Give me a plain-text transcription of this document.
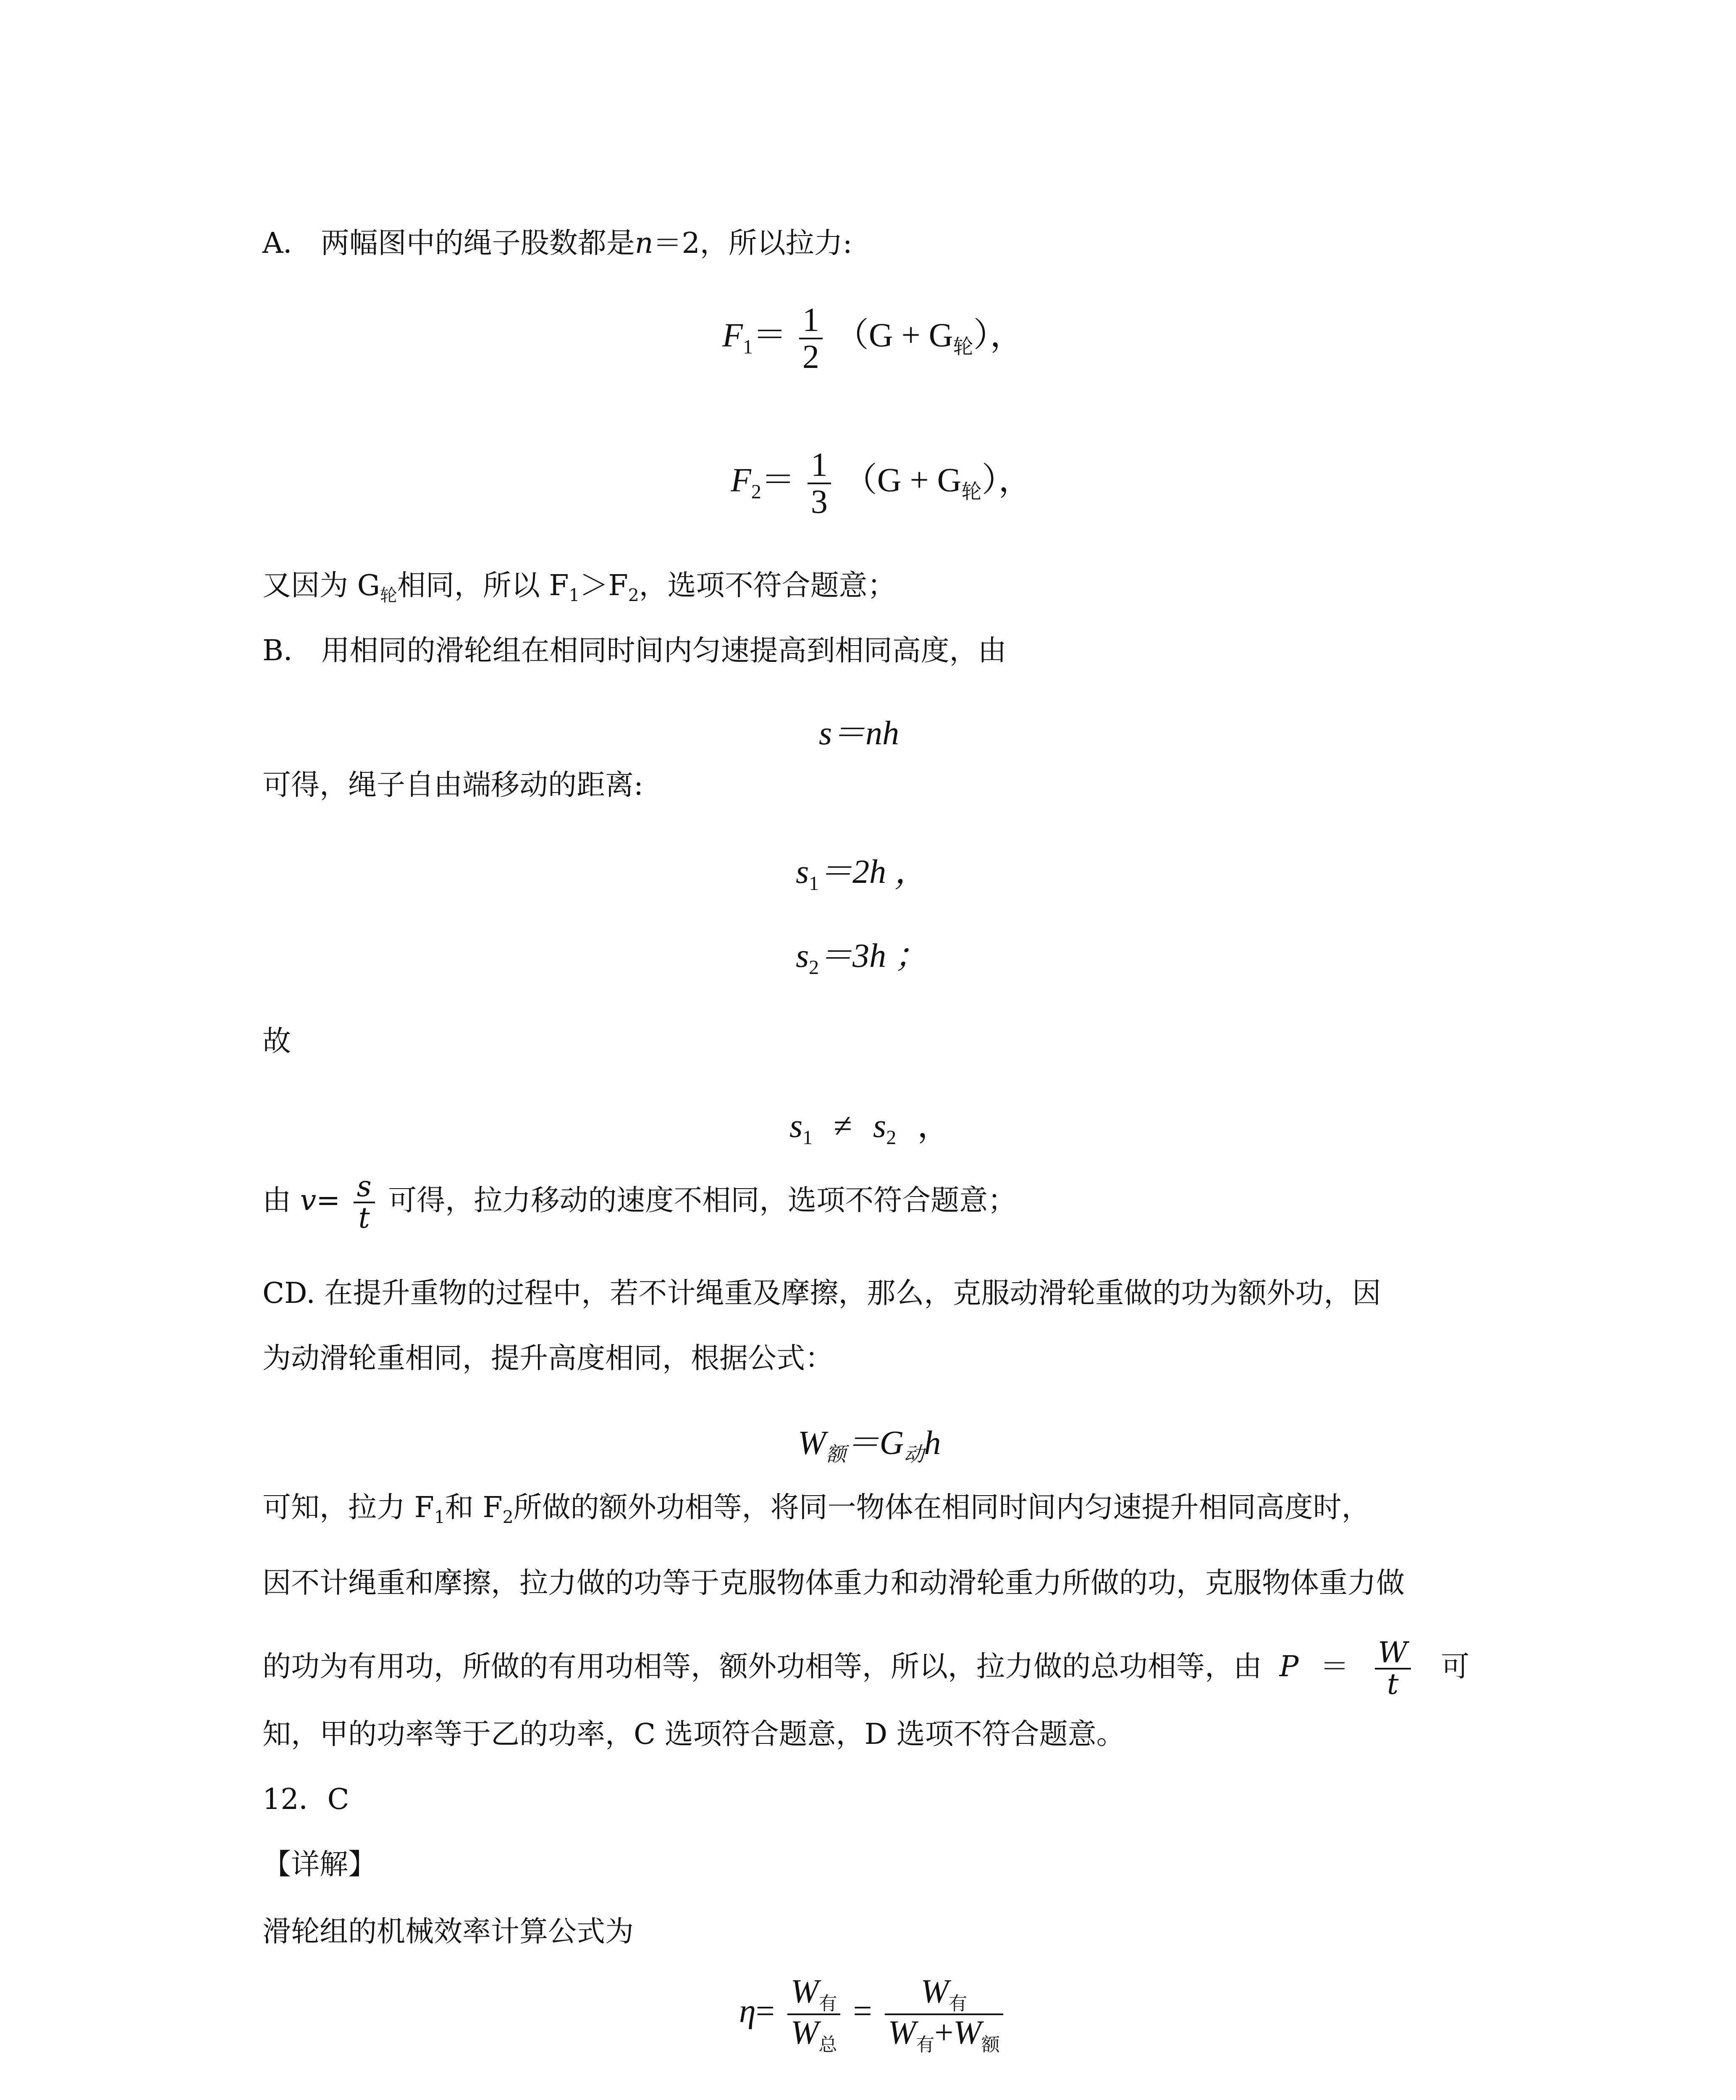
A． 两幅图中的绳子股数都是n＝2，所以拉力:
$F_1= \frac{1}{2} (G + G_轮)$，
$F_2= \frac{1}{3} (G + G_轮)$，
又因为 $G_轮$相同，所以 $F_1>F_2$，选项不符合题意；
B． 用相同的滑轮组在相同时间内匀速提高到相同高度，由
s＝nh
可得，绳子自由端移动的距离:
$s_1=2h$ ，
$s_2=3h$ ；
故
$s_1 \ne s_2$ ，
由 $v= \frac{s}{t}$ 可得，拉力移动的速度不相同，选项不符合题意；
CD. 在提升重物的过程中，若不计绳重及摩擦，那么，克服动滑轮重做的功为额外功，因
为动滑轮重相同，提升高度相同，根据公式：
$W_额=G_动h$
可知，拉力 $F_1$和 $F_2$所做的额外功相等，将同一物体在相同时间内匀速提升相同高度时，
因不计绳重和摩擦，拉力做的功等于克服物体重力和动滑轮重力所做的功，克服物体重力做
的功为有用功，所做的有用功相等，额外功相等，所以，拉力做的总功相等，由 $P = \frac{W}{t}$ 可
知，甲的功率等于乙的功率，C 选项符合题意，D 选项不符合题意。
12．C
【详解】
滑轮组的机械效率计算公式为
$\eta= \frac{W_有}{W_总} = \frac{W_有}{W_有+W_额}$
